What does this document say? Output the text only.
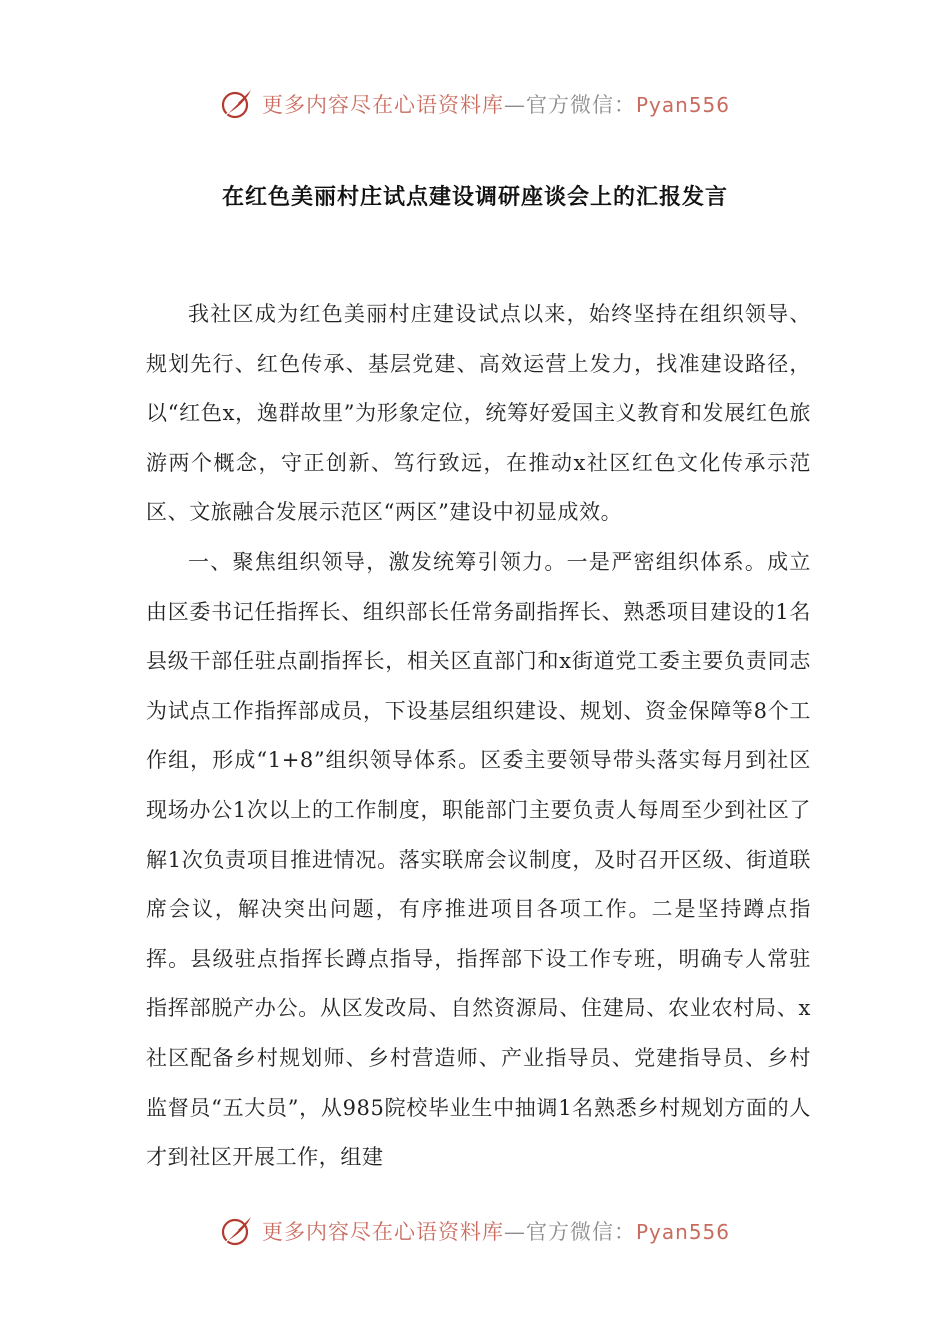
更多内容尽在心语资料库—官方微信：Pyan556
在红色美丽村庄试点建设调研座谈会上的汇报发言

我社区成为红色美丽村庄建设试点以来，始终坚持在组织领导、规划先行、红色传承、基层党建、高效运营上发力，找准建设路径，以“红色x，逸群故里”为形象定位，统筹好爱国主义教育和发展红色旅游两个概念，守正创新、笃行致远，在推动x社区红色文化传承示范区、文旅融合发展示范区“两区”建设中初显成效。

一、聚焦组织领导，激发统筹引领力。一是严密组织体系。成立由区委书记任指挥长、组织部长任常务副指挥长、熟悉项目建设的1名县级干部任驻点副指挥长，相关区直部门和x街道党工委主要负责同志为试点工作指挥部成员，下设基层组织建设、规划、资金保障等8个工作组，形成“1+8”组织领导体系。区委主要领导带头落实每月到社区现场办公1次以上的工作制度，职能部门主要负责人每周至少到社区了解1次负责项目推进情况。落实联席会议制度，及时召开区级、街道联席会议，解决突出问题，有序推进项目各项工作。二是坚持蹲点指挥。县级驻点指挥长蹲点指导，指挥部下设工作专班，明确专人常驻指挥部脱产办公。从区发改局、自然资源局、住建局、农业农村局、x社区配备乡村规划师、乡村营造师、产业指导员、党建指导员、乡村监督员“五大员”，从985院校毕业生中抽调1名熟悉乡村规划方面的人才到社区开展工作，组建

更多内容尽在心语资料库—官方微信：Pyan556
